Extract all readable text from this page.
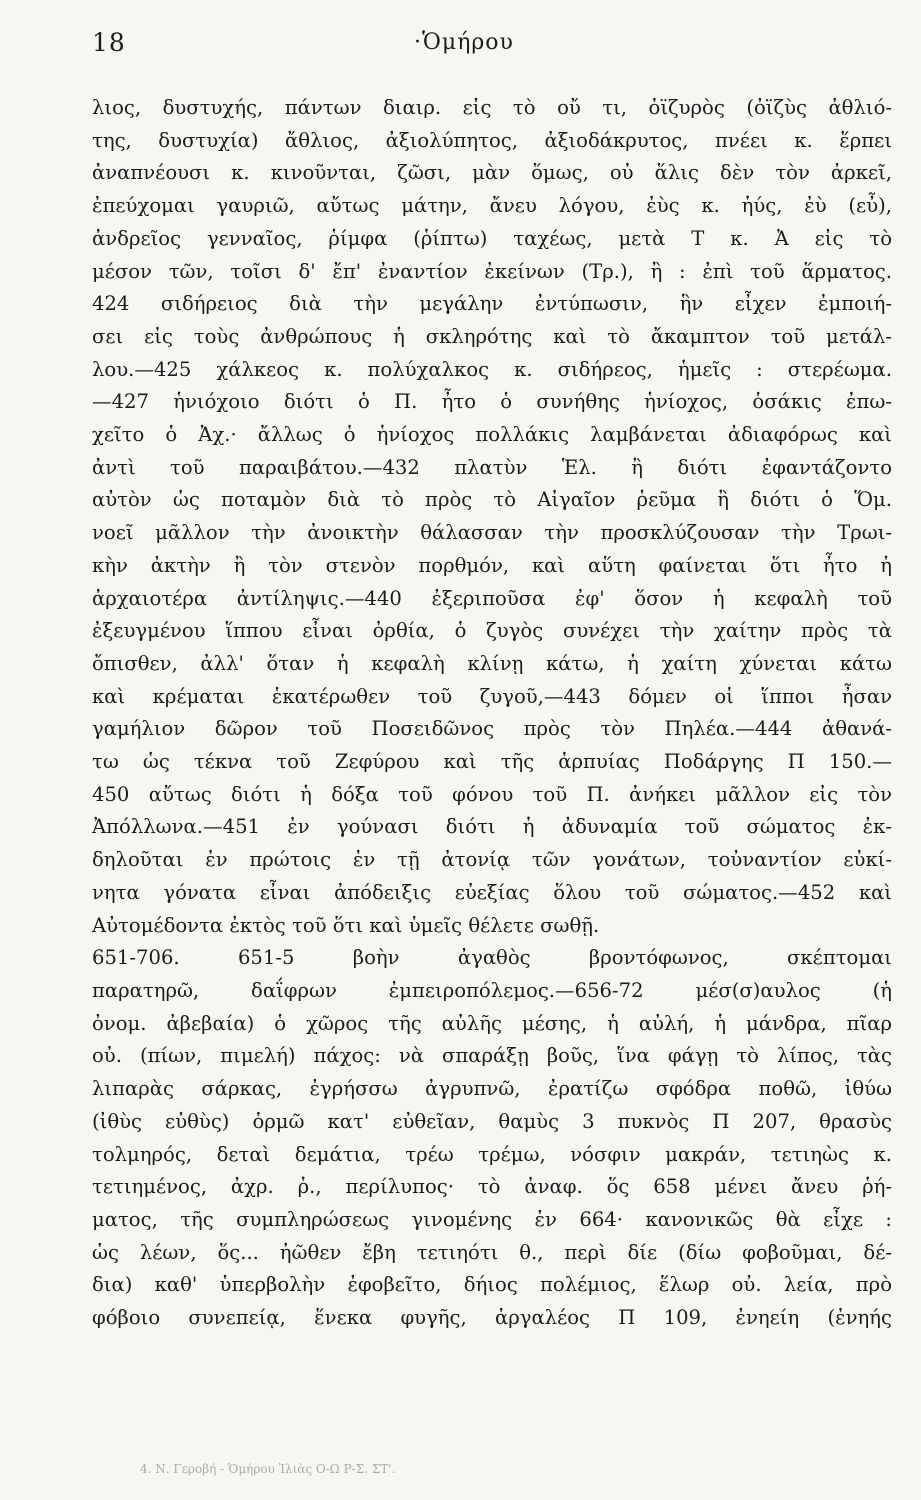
18	·Ὁμήρου
λιος, δυστυχής, πάντων διαιρ. εἰς τὸ οὔ τι, ὀϊζυρὸς (ὀϊζὺς ἀθλιό-
της, δυστυχία) ἄθλιος, ἀξιολύπητος, ἀξιοδάκρυτος, πνέει κ. ἕρπει
ἀναπνέουσι κ. κινοῦνται, ζῶσι, μὰν ὅμως, οὐ ἅλις δὲν τὸν ἀρκεῖ,
ἐπεύχομαι γαυριῶ, αὔτως μάτην, ἄνευ λόγου, ἐὺς κ. ἠύς, ἐὺ (εὖ),
ἀνδρεῖος γενναῖος, ῥίμφα (ῥίπτω) ταχέως, μετὰ Τ κ. Ἀ εἰς τὸ
μέσον τῶν, τοῖσι δ' ἔπ' ἐναντίον ἐκείνων (Τρ.), ἢ : ἐπὶ τοῦ ἅρματος.
424 σιδήρειος διὰ τὴν μεγάλην ἐντύπωσιν, ἣν εἶχεν ἐμποιή-
σει εἰς τοὺς ἀνθρώπους ἡ σκληρότης καὶ τὸ ἄκαμπτον τοῦ μετάλ-
λου.—425 χάλκεος κ. πολύχαλκος κ. σιδήρεος, ἡμεῖς : στερέωμα.
—427 ἡνιόχοιο διότι ὁ Π. ἦτο ὁ συνήθης ἡνίοχος, ὁσάκις ἐπω-
χεῖτο ὁ Ἀχ.· ἄλλως ὁ ἡνίοχος πολλάκις λαμβάνεται ἀδιαφόρως καὶ
ἀντὶ τοῦ παραιβάτου.—432 πλατὺν Ἑλ. ἢ διότι ἐφαντάζοντο
αὐτὸν ὡς ποταμὸν διὰ τὸ πρὸς τὸ Αἰγαῖον ῥεῦμα ἢ διότι ὁ Ὅμ.
νοεῖ μᾶλλον τὴν ἀνοικτὴν θάλασσαν τὴν προσκλύζουσαν τὴν Τρωι-
κὴν ἀκτὴν ἢ τὸν στενὸν πορθμόν, καὶ αὕτη φαίνεται ὅτι ἦτο ἡ
ἀρχαιοτέρα ἀντίληψις.—440 ἐξεριποῦσα ἐφ' ὅσον ἡ κεφαλὴ τοῦ
ἐξευγμένου ἵππου εἶναι ὀρθία, ὁ ζυγὸς συνέχει τὴν χαίτην πρὸς τὰ
ὄπισθεν, ἀλλ' ὅταν ἡ κεφαλὴ κλίνῃ κάτω, ἡ χαίτη χύνεται κάτω
καὶ κρέμαται ἑκατέρωθεν τοῦ ζυγοῦ,—443 δόμεν οἱ ἵπποι ἦσαν
γαμήλιον δῶρον τοῦ Ποσειδῶνος πρὸς τὸν Πηλέα.—444 ἀθανά-
τω ὡς τέκνα τοῦ Ζεφύρου καὶ τῆς ἁρπυίας Ποδάργης Π 150.—
450 αὔτως διότι ἡ δόξα τοῦ φόνου τοῦ Π. ἀνήκει μᾶλλον εἰς τὸν
Ἀπόλλωνα.—451 ἐν γούνασι διότι ἡ ἀδυναμία τοῦ σώματος ἐκ-
δηλοῦται ἐν πρώτοις ἐν τῇ ἀτονίᾳ τῶν γονάτων, τοὐναντίον εὐκί-
νητα γόνατα εἶναι ἀπόδειξις εὐεξίας ὅλου τοῦ σώματος.—452 καὶ
Αὐτομέδοντα ἐκτὸς τοῦ ὅτι καὶ ὑμεῖς θέλετε σωθῇ.
651-706. 651-5 βοὴν ἀγαθὸς βροντόφωνος, σκέπτομαι
παρατηρῶ, δαΐφρων ἐμπειροπόλεμος.—656-72 μέσ(σ)αυλος (ἡ
ὀνομ. ἀβεβαία) ὁ χῶρος τῆς αὐλῆς μέσης, ἡ αὐλή, ἡ μάνδρα, πῖαρ
οὐ. (πίων, πιμελή) πάχος: νὰ σπαράξῃ βοῦς, ἵνα φάγῃ τὸ λίπος, τὰς
λιπαρὰς σάρκας, ἐγρήσσω ἀγρυπνῶ, ἐρατίζω σφόδρα ποθῶ, ἰθύω
(ἰθὺς εὐθὺς) ὁρμῶ κατ' εὐθεῖαν, θαμὺς 3 πυκνὸς Π 207, θρασὺς
τολμηρός, δεταὶ δεμάτια, τρέω τρέμω, νόσφιν μακράν, τετιηὼς κ.
τετιημένος, ἀχρ. ῥ., περίλυπος· τὸ ἀναφ. ὅς 658 μένει ἄνευ ῥή-
ματος, τῆς συμπληρώσεως γινομένης ἐν 664· κανονικῶς θὰ εἶχε :
ὡς λέων, ὅς... ἠῶθεν ἔβη τετιηότι θ., περὶ δίε (δίω φοβοῦμαι, δέ-
δια) καθ' ὑπερβολὴν ἐφοβεῖτο, δήιος πολέμιος, ἕλωρ οὐ. λεία, πρὸ
φόβοιο συνεπείᾳ, ἕνεκα φυγῆς, ἀργαλέος Π 109, ἐνηείη (ἐνηής
4. Ν. Γεροβή - Ὁμήρου Ἰλιὰς Ο-Ω Ρ-Σ. ΣΤ'.
